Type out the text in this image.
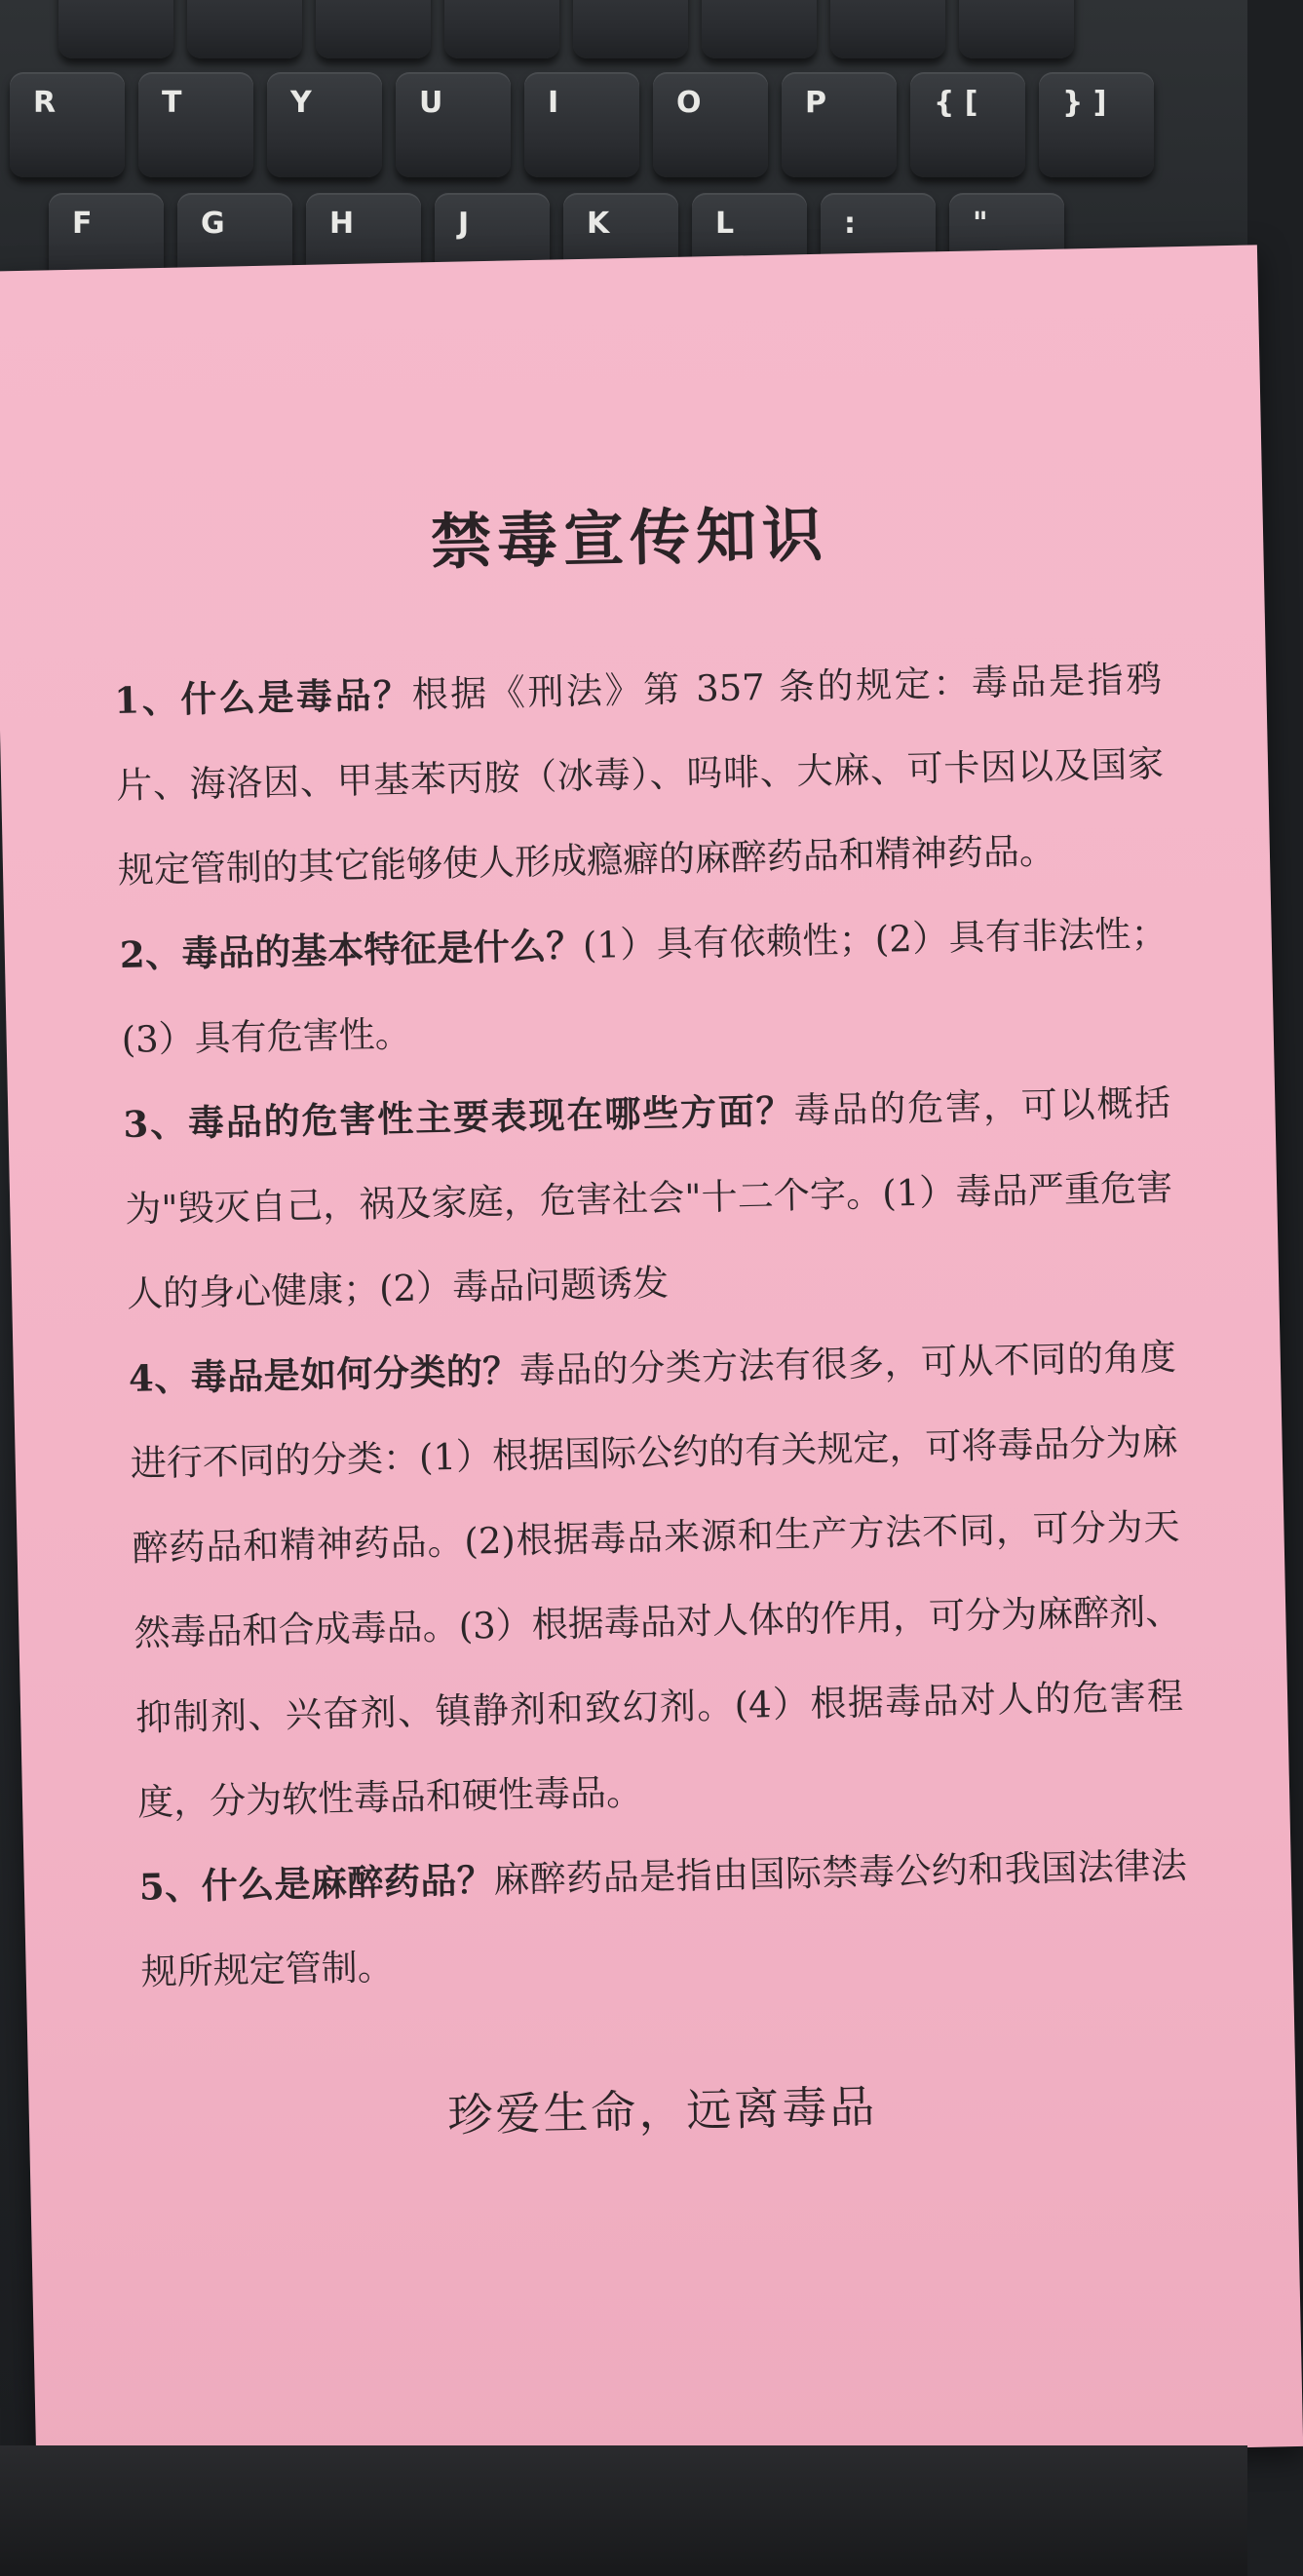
R	T	Y	U	I	O	P	{ [	} ]
F	G	H	J	K	L	:	"
禁毒宣传知识

1、什么是毒品？根据《刑法》第 357 条的规定：毒品是指鸦片、海洛因、甲基苯丙胺（冰毒）、吗啡、大麻、可卡因以及国家规定管制的其它能够使人形成瘾癖的麻醉药品和精神药品。

2、毒品的基本特征是什么？(1）具有依赖性；(2）具有非法性；(3）具有危害性。

3、毒品的危害性主要表现在哪些方面？毒品的危害，可以概括为"毁灭自己，祸及家庭，危害社会"十二个字。(1）毒品严重危害人的身心健康；(2）毒品问题诱发

4、毒品是如何分类的？毒品的分类方法有很多，可从不同的角度进行不同的分类：(1）根据国际公约的有关规定，可将毒品分为麻醉药品和精神药品。(2)根据毒品来源和生产方法不同，可分为天然毒品和合成毒品。(3）根据毒品对人体的作用，可分为麻醉剂、抑制剂、兴奋剂、镇静剂和致幻剂。(4）根据毒品对人的危害程度，分为软性毒品和硬性毒品。

5、什么是麻醉药品？麻醉药品是指由国际禁毒公约和我国法律法规所规定管制。

珍爱生命，远离毒品
